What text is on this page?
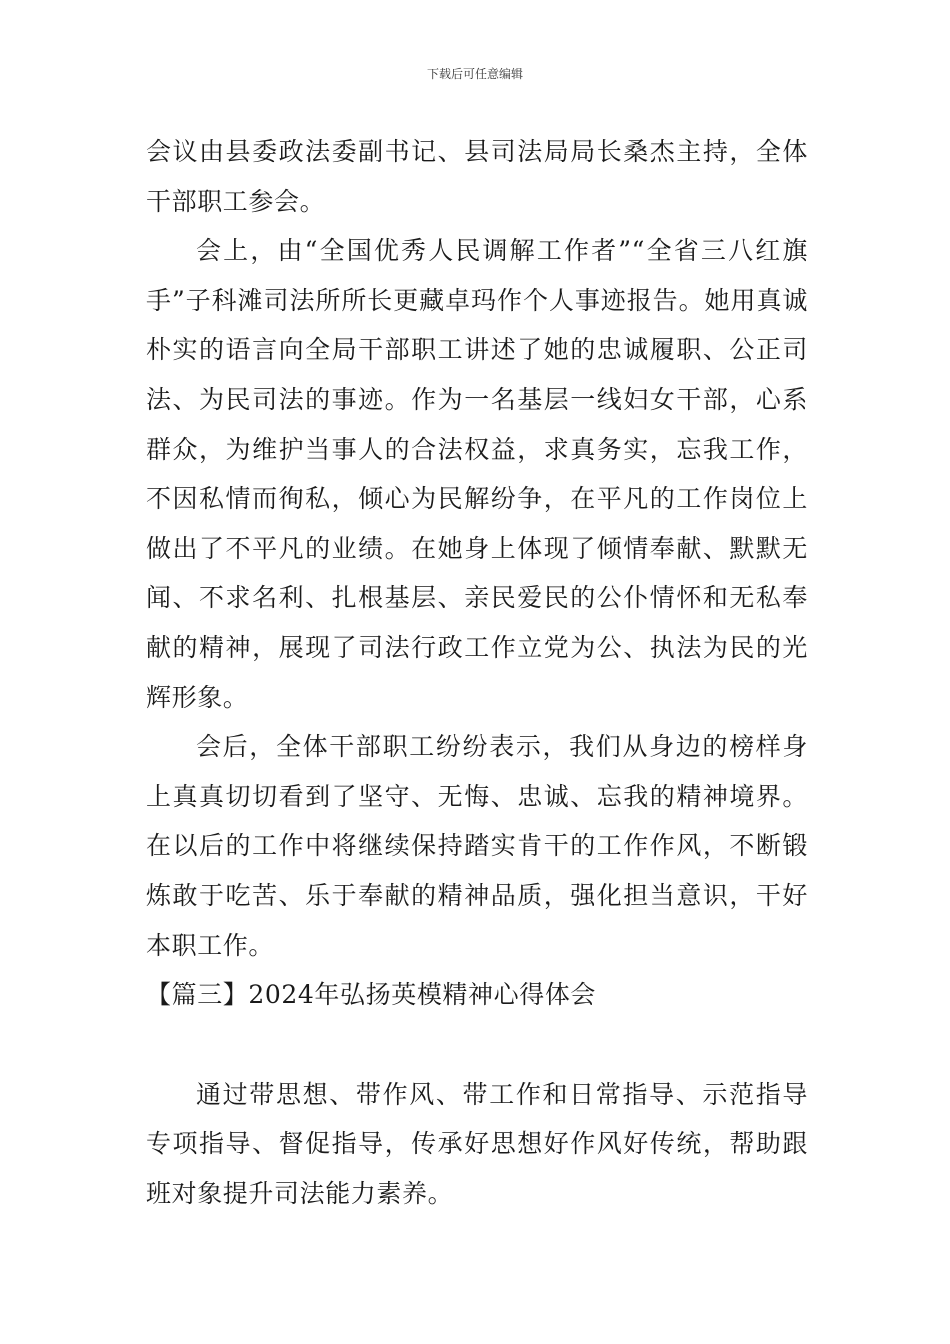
下载后可任意编辑

会议由县委政法委副书记、县司法局局长桑杰主持，全体干部职工参会。

会上，由“全国优秀人民调解工作者”“全省三八红旗手”子科滩司法所所长更藏卓玛作个人事迹报告。她用真诚朴实的语言向全局干部职工讲述了她的忠诚履职、公正司法、为民司法的事迹。作为一名基层一线妇女干部，心系群众，为维护当事人的合法权益，求真务实，忘我工作，不因私情而徇私，倾心为民解纷争，在平凡的工作岗位上做出了不平凡的业绩。在她身上体现了倾情奉献、默默无闻、不求名利、扎根基层、亲民爱民的公仆情怀和无私奉献的精神，展现了司法行政工作立党为公、执法为民的光辉形象。

会后，全体干部职工纷纷表示，我们从身边的榜样身上真真切切看到了坚守、无悔、忠诚、忘我的精神境界。在以后的工作中将继续保持踏实肯干的工作作风，不断锻炼敢于吃苦、乐于奉献的精神品质，强化担当意识，干好本职工作。

【篇三】2024年弘扬英模精神心得体会

通过带思想、带作风、带工作和日常指导、示范指导专项指导、督促指导，传承好思想好作风好传统，帮助跟班对象提升司法能力素养。
